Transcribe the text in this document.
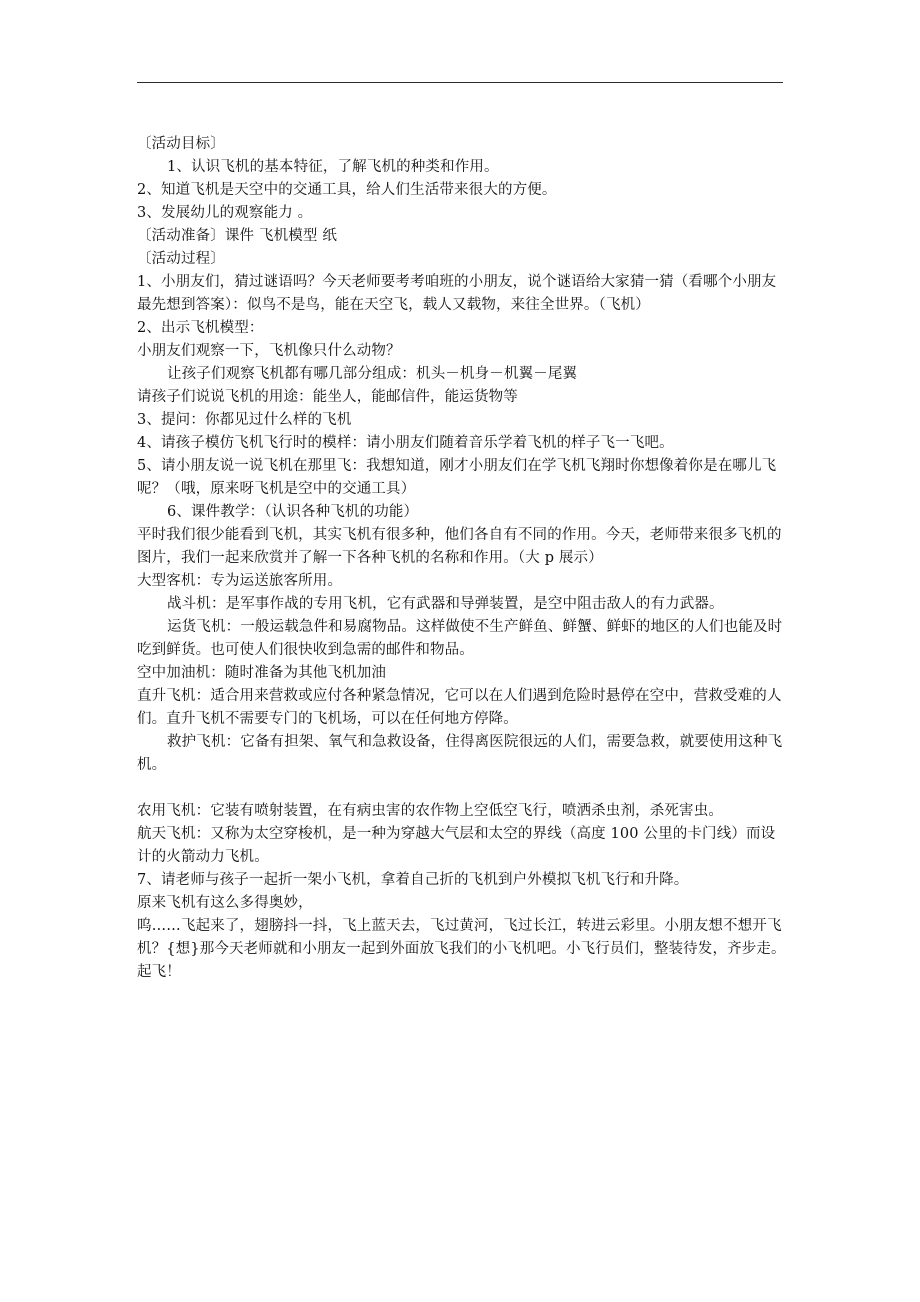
〔活动目标〕

1、认识飞机的基本特征，了解飞机的种类和作用。

2、知道飞机是天空中的交通工具，给人们生活带来很大的方便。

3、发展幼儿的观察能力 。

〔活动准备〕课件 飞机模型 纸

〔活动过程〕

1、小朋友们，猜过谜语吗？今天老师要考考咱班的小朋友，说个谜语给大家猜一猜（看哪个小朋友最先想到答案）：似鸟不是鸟，能在天空飞，载人又载物，来往全世界。（飞机）

2、出示飞机模型：

小朋友们观察一下，飞机像只什么动物？

让孩子们观察飞机都有哪几部分组成：机头－机身－机翼－尾翼

请孩子们说说飞机的用途：能坐人，能邮信件，能运货物等

3、提问：你都见过什么样的飞机

4、请孩子模仿飞机飞行时的模样：请小朋友们随着音乐学着飞机的样子飞一飞吧。

5、请小朋友说一说飞机在那里飞：我想知道，刚才小朋友们在学飞机飞翔时你想像着你是在哪儿飞呢？（哦，原来呀飞机是空中的交通工具）

6、课件教学：（认识各种飞机的功能）

平时我们很少能看到飞机，其实飞机有很多种，他们各自有不同的作用。今天，老师带来很多飞机的图片，我们一起来欣赏并了解一下各种飞机的名称和作用。（大 p 展示）

大型客机：专为运送旅客所用。

战斗机：是军事作战的专用飞机，它有武器和导弹装置，是空中阻击敌人的有力武器。

运货飞机：一般运载急件和易腐物品。这样做使不生产鲜鱼、鲜蟹、鲜虾的地区的人们也能及时吃到鲜货。也可使人们很快收到急需的邮件和物品。

空中加油机：随时准备为其他飞机加油

直升飞机：适合用来营救或应付各种紧急情况，它可以在人们遇到危险时悬停在空中，营救受难的人们。直升飞机不需要专门的飞机场，可以在任何地方停降。

救护飞机：它备有担架、氧气和急救设备，住得离医院很远的人们，需要急救，就要使用这种飞机。

农用飞机：它装有喷射装置，在有病虫害的农作物上空低空飞行，喷洒杀虫剂，杀死害虫。

航天飞机：又称为太空穿梭机，是一种为穿越大气层和太空的界线（高度 100 公里的卡门线）而设计的火箭动力飞机。

7、请老师与孩子一起折一架小飞机，拿着自己折的飞机到户外模拟飞机飞行和升降。

原来飞机有这么多得奥妙，

呜……飞起来了，翅膀抖一抖，飞上蓝天去，飞过黄河，飞过长江，转进云彩里。小朋友想不想开飞机？{想}那今天老师就和小朋友一起到外面放飞我们的小飞机吧。小飞行员们，整装待发，齐步走。起飞！
